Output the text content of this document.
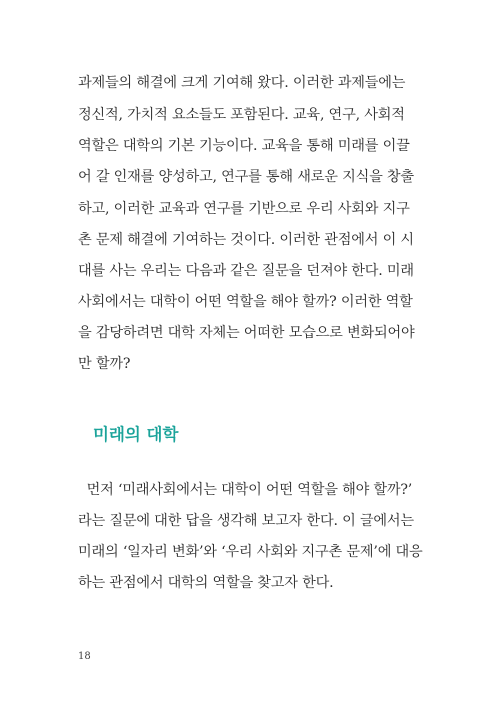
과제들의 해결에 크게 기여해 왔다. 이러한 과제들에는
정신적, 가치적 요소들도 포함된다. 교육, 연구, 사회적
역할은 대학의 기본 기능이다. 교육을 통해 미래를 이끌
어 갈 인재를 양성하고, 연구를 통해 새로운 지식을 창출
하고, 이러한 교육과 연구를 기반으로 우리 사회와 지구
촌 문제 해결에 기여하는 것이다. 이러한 관점에서 이 시
대를 사는 우리는 다음과 같은 질문을 던져야 한다. 미래
사회에서는 대학이 어떤 역할을 해야 할까? 이러한 역할
을 감당하려면 대학 자체는 어떠한 모습으로 변화되어야
만 할까?
미래의 대학
먼저 ‘미래사회에서는 대학이 어떤 역할을 해야 할까?’
라는 질문에 대한 답을 생각해 보고자 한다. 이 글에서는
미래의 ‘일자리 변화’와 ‘우리 사회와 지구촌 문제’에 대응
하는 관점에서 대학의 역할을 찾고자 한다.
18
